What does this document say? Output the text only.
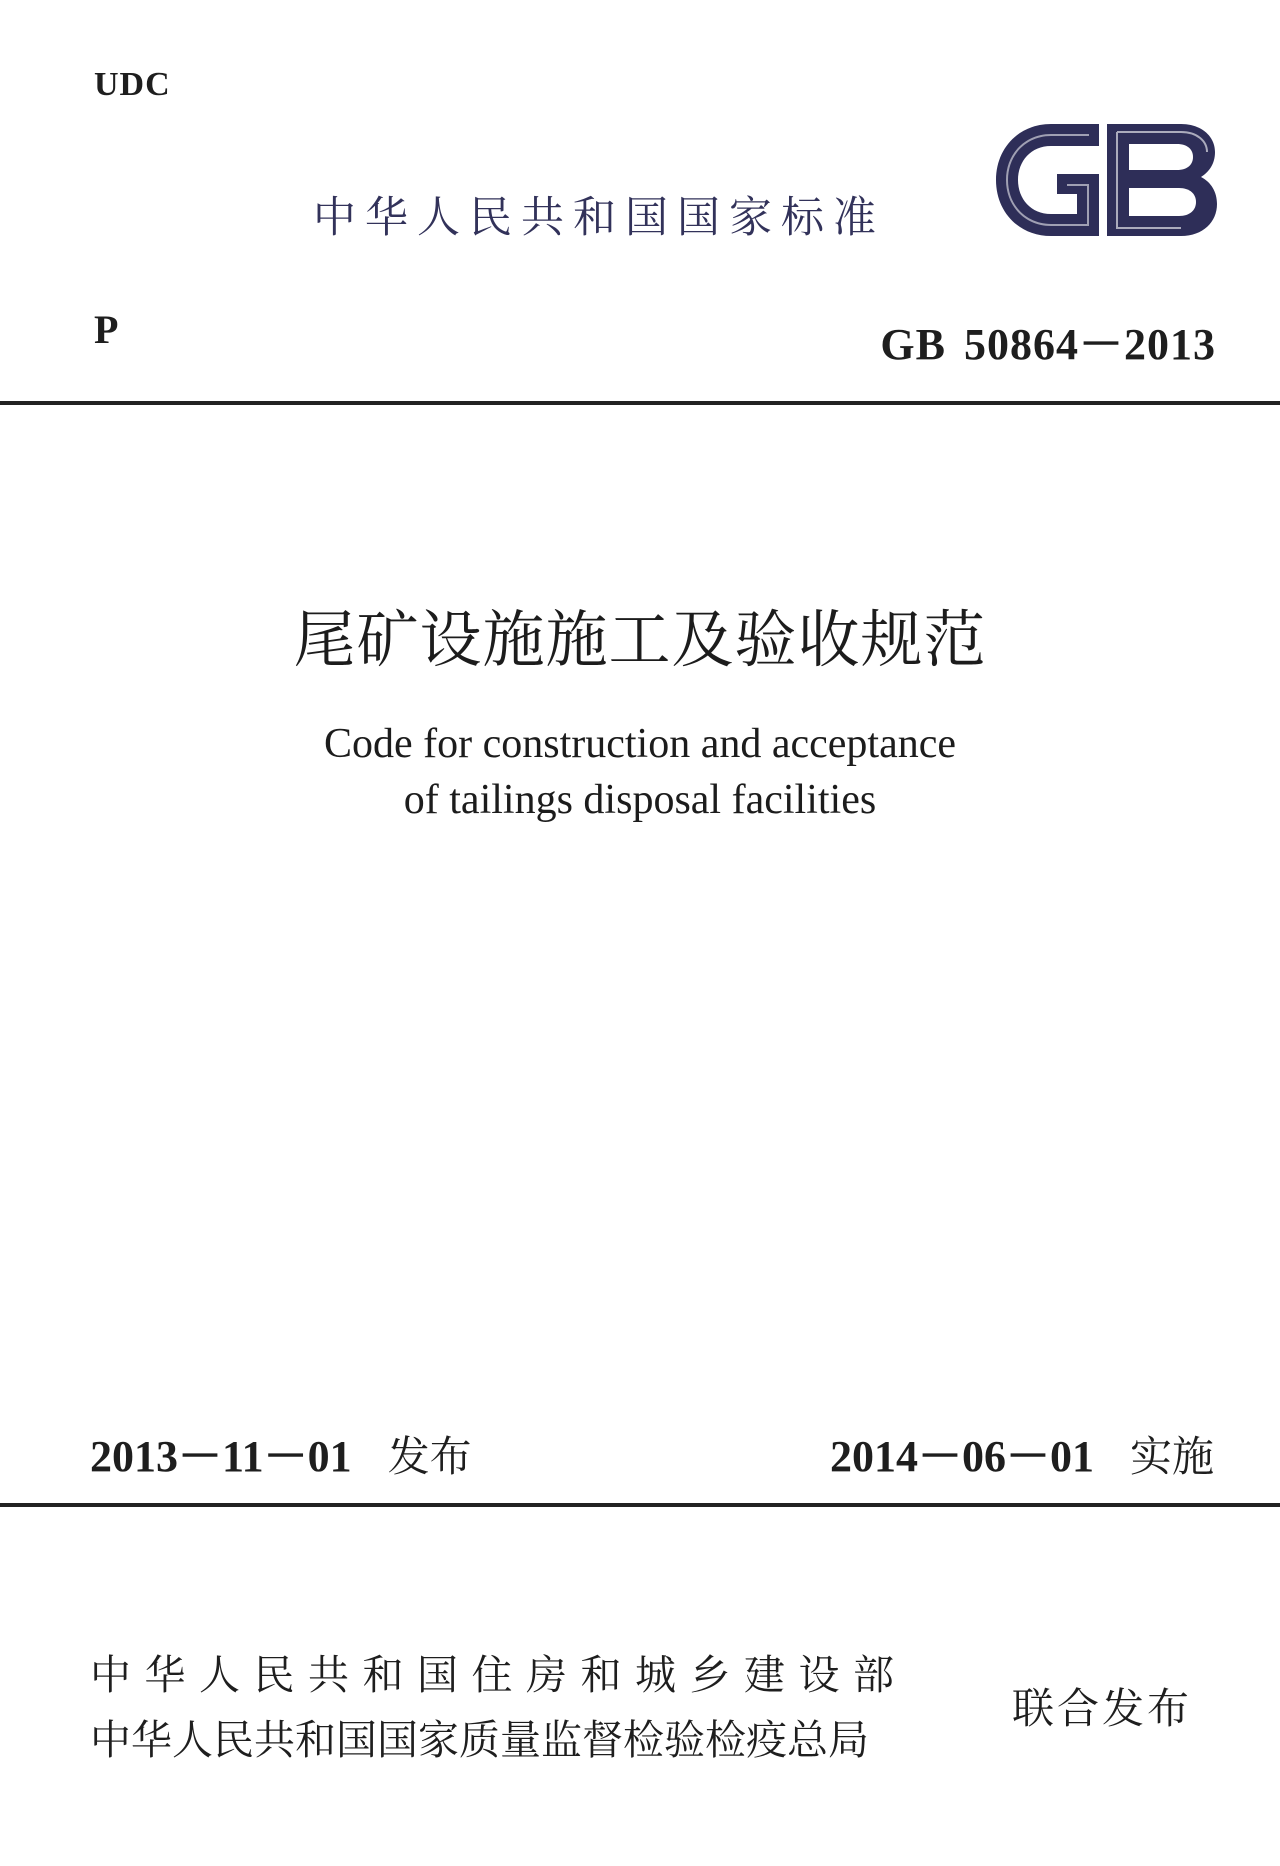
UDC
中华人民共和国国家标准
P	GB 50864－2013
尾矿设施施工及验收规范
Code for construction and acceptance
of tailings disposal facilities
2013－11－01 发布	2014－06－01 实施
中华人民共和国住房和城乡建设部
中华人民共和国国家质量监督检验检疫总局
联合发布
